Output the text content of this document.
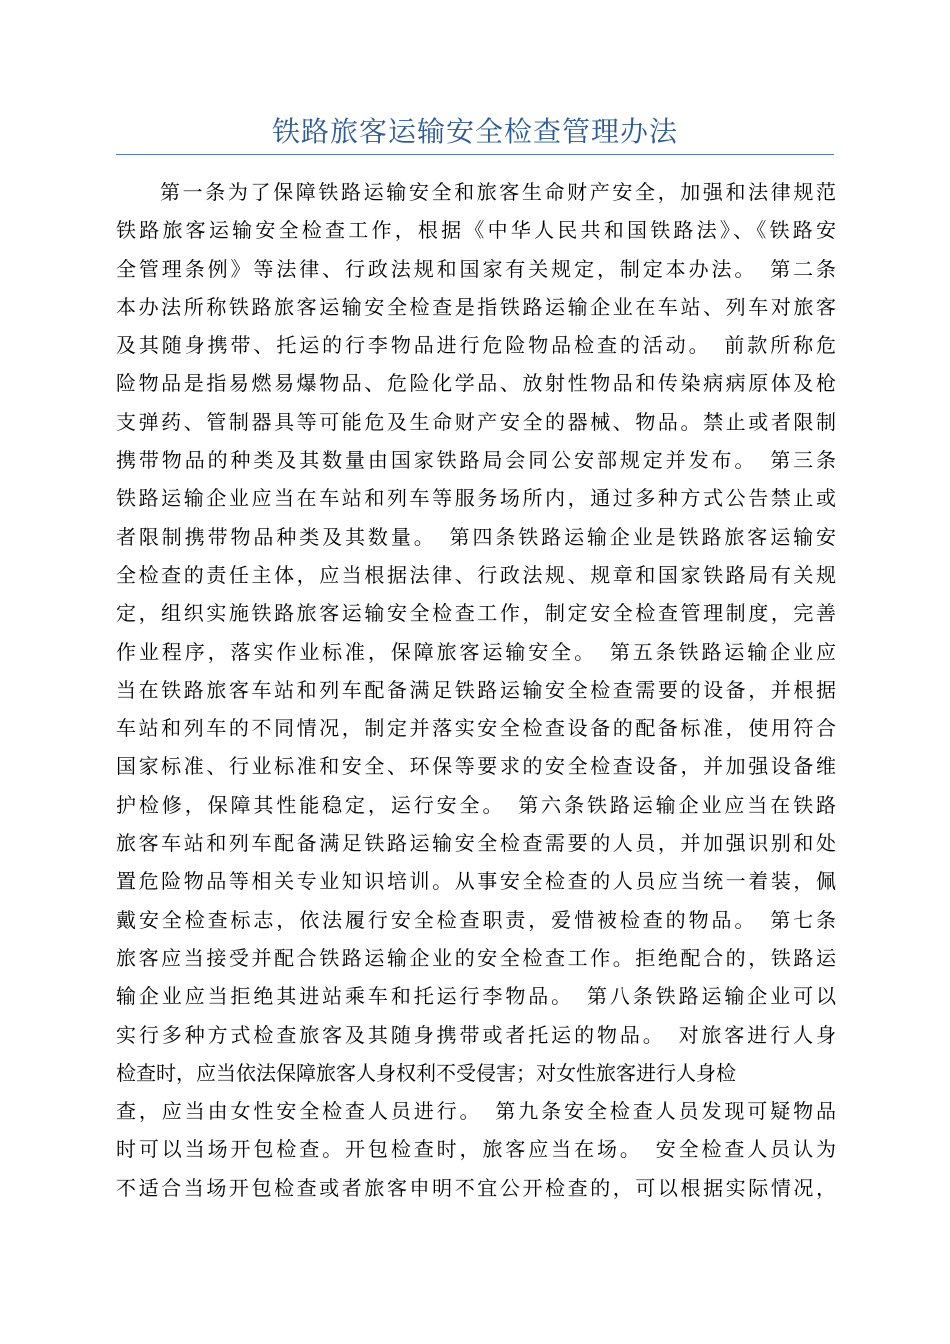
铁路旅客运输安全检查管理办法
第一条为了保障铁路运输安全和旅客生命财产安全，加强和法律规范
铁路旅客运输安全检查工作，根据《中华人民共和国铁路法》、《铁路安
全管理条例》等法律、行政法规和国家有关规定，制定本办法。　第二条
本办法所称铁路旅客运输安全检查是指铁路运输企业在车站、列车对旅客
及其随身携带、托运的行李物品进行危险物品检查的活动。　前款所称危
险物品是指易燃易爆物品、危险化学品、放射性物品和传染病病原体及枪
支弹药、管制器具等可能危及生命财产安全的器械、物品。禁止或者限制
携带物品的种类及其数量由国家铁路局会同公安部规定并发布。　第三条
铁路运输企业应当在车站和列车等服务场所内，通过多种方式公告禁止或
者限制携带物品种类及其数量。　第四条铁路运输企业是铁路旅客运输安
全检查的责任主体，应当根据法律、行政法规、规章和国家铁路局有关规
定，组织实施铁路旅客运输安全检查工作，制定安全检查管理制度，完善
作业程序，落实作业标准，保障旅客运输安全。　第五条铁路运输企业应
当在铁路旅客车站和列车配备满足铁路运输安全检查需要的设备，并根据
车站和列车的不同情况，制定并落实安全检查设备的配备标准，使用符合
国家标准、行业标准和安全、环保等要求的安全检查设备，并加强设备维
护检修，保障其性能稳定，运行安全。　第六条铁路运输企业应当在铁路
旅客车站和列车配备满足铁路运输安全检查需要的人员，并加强识别和处
置危险物品等相关专业知识培训。从事安全检查的人员应当统一着装，佩
戴安全检查标志，依法履行安全检查职责，爱惜被检查的物品。　第七条
旅客应当接受并配合铁路运输企业的安全检查工作。拒绝配合的，铁路运
输企业应当拒绝其进站乘车和托运行李物品。　第八条铁路运输企业可以
实行多种方式检查旅客及其随身携带或者托运的物品。　对旅客进行人身
检查时，应当依法保障旅客人身权利不受侵害；对女性旅客进行人身检
查，应当由女性安全检查人员进行。　第九条安全检查人员发现可疑物品
时可以当场开包检查。开包检查时，旅客应当在场。　安全检查人员认为
不适合当场开包检查或者旅客申明不宜公开检查的，可以根据实际情况，
